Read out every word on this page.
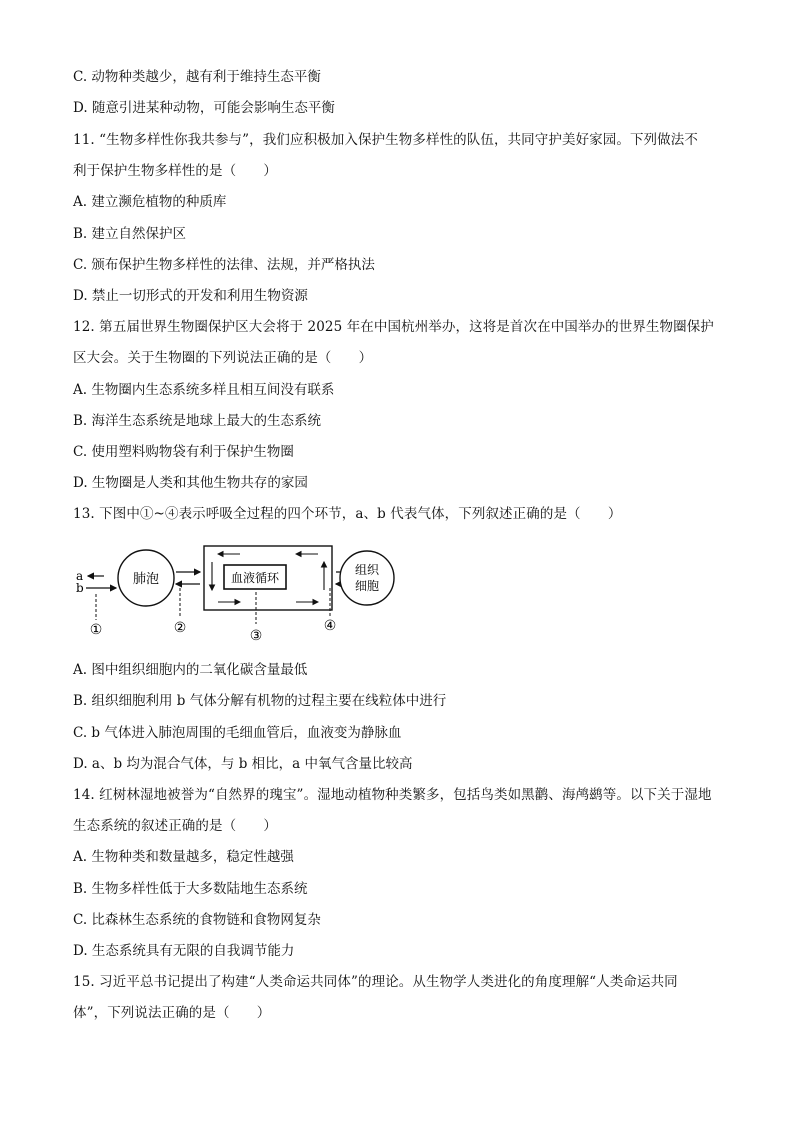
C. 动物种类越少，越有利于维持生态平衡
D. 随意引进某种动物，可能会影响生态平衡
11. “生物多样性你我共参与”，我们应积极加入保护生物多样性的队伍，共同守护美好家园。下列做法不
利于保护生物多样性的是（　　）
A. 建立濒危植物的种质库
B. 建立自然保护区
C. 颁布保护生物多样性的法律、法规，并严格执法
D. 禁止一切形式的开发和利用生物资源
12. 第五届世界生物圈保护区大会将于 2025 年在中国杭州举办，这将是首次在中国举办的世界生物圈保护
区大会。关于生物圈的下列说法正确的是（　　）
A. 生物圈内生态系统多样且相互间没有联系
B. 海洋生态系统是地球上最大的生态系统
C. 使用塑料购物袋有利于保护生物圈
D. 生物圈是人类和其他生物共存的家园
13. 下图中①~④表示呼吸全过程的四个环节，a、b 代表气体，下列叙述正确的是（　　）
a
b
肺泡	血液循环
组织
细胞
①	②	③
④
A. 图中组织细胞内的二氧化碳含量最低
B. 组织细胞利用 b 气体分解有机物的过程主要在线粒体中进行
C. b 气体进入肺泡周围的毛细血管后，血液变为静脉血
D. a、b 均为混合气体，与 b 相比，a 中氧气含量比较高
14. 红树林湿地被誉为“自然界的瑰宝”。湿地动植物种类繁多，包括鸟类如黑鹳、海鸬鹚等。以下关于湿地
生态系统的叙述正确的是（　　）
A. 生物种类和数量越多，稳定性越强
B. 生物多样性低于大多数陆地生态系统
C. 比森林生态系统的食物链和食物网复杂
D. 生态系统具有无限的自我调节能力
15. 习近平总书记提出了构建“人类命运共同体”的理论。从生物学人类进化的角度理解“人类命运共同
体”，下列说法正确的是（　　）
